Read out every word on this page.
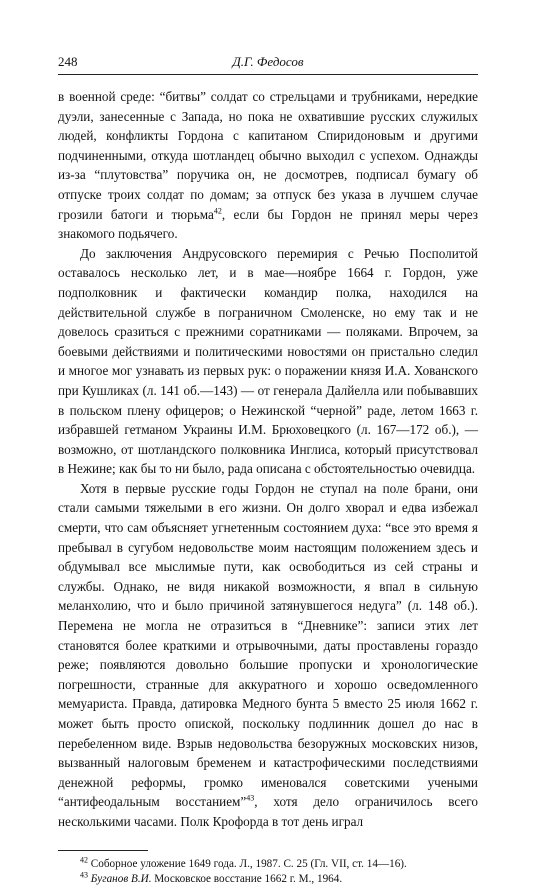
248	Д.Г. Федосов

в военной среде: “битвы” солдат со стрельцами и трубниками, нередкие дуэли, занесенные с Запада, но пока не охватившие русских служилых людей, конфликты Гордона с капитаном Спиридоновым и другими подчиненными, откуда шотландец обычно выходил с успехом. Однажды из-за “плутовства” поручика он, не досмотрев, подписал бумагу об отпуске троих солдат по домам; за отпуск без указа в лучшем случае грозили батоги и тюрьма$^{42}$, если бы Гордон не принял меры через знакомого подьячего.

До заключения Андрусовского перемирия с Речью Посполитой оставалось несколько лет, и в мае—ноябре 1664 г. Гордон, уже подполковник и фактически командир полка, находился на действительной службе в пограничном Смоленске, но ему так и не довелось сразиться с прежними соратниками — поляками. Впрочем, за боевыми действиями и политическими новостями он пристально следил и многое мог узнавать из первых рук: о поражении князя И.А. Хованского при Кушликах (л. 141 об.—143) — от генерала Далйелла или побывавших в польском плену офицеров; о Нежинской “черной” раде, летом 1663 г. избравшей гетманом Украины И.М. Брюховецкого (л. 167—172 об.), — возможно, от шотландского полковника Инглиса, который присутствовал в Нежине; как бы то ни было, рада описана с обстоятельностью очевидца.

Хотя в первые русские годы Гордон не ступал на поле брани, они стали самыми тяжелыми в его жизни. Он долго хворал и едва избежал смерти, что сам объясняет угнетенным состоянием духа: “все это время я пребывал в сугубом недовольстве моим настоящим положением здесь и обдумывал все мыслимые пути, как освободиться из сей страны и службы. Однако, не видя никакой возможности, я впал в сильную меланхолию, что и было причиной затянувшегося недуга” (л. 148 об.). Перемена не могла не отразиться в “Дневнике”: записи этих лет становятся более краткими и отрывочными, даты проставлены гораздо реже; появляются довольно большие пропуски и хронологические погрешности, странные для аккуратного и хорошо осведомленного мемуариста. Правда, датировка Медного бунта 5 вместо 25 июля 1662 г. может быть просто опиской, поскольку подлинник дошел до нас в перебеленном виде. Взрыв недовольства безоружных московских низов, вызванный налоговым бременем и катастрофическими последствиями денежной реформы, громко именовался советскими учеными “антифеодальным восстанием”$^{43}$, хотя дело ограничилось всего несколькими часами. Полк Крофорда в тот день играл

$^{42}$ Соборное уложение 1649 года. Л., 1987. С. 25 (Гл. VII, ст. 14—16).
$^{43}$ Буганов В.И. Московское восстание 1662 г. М., 1964.
